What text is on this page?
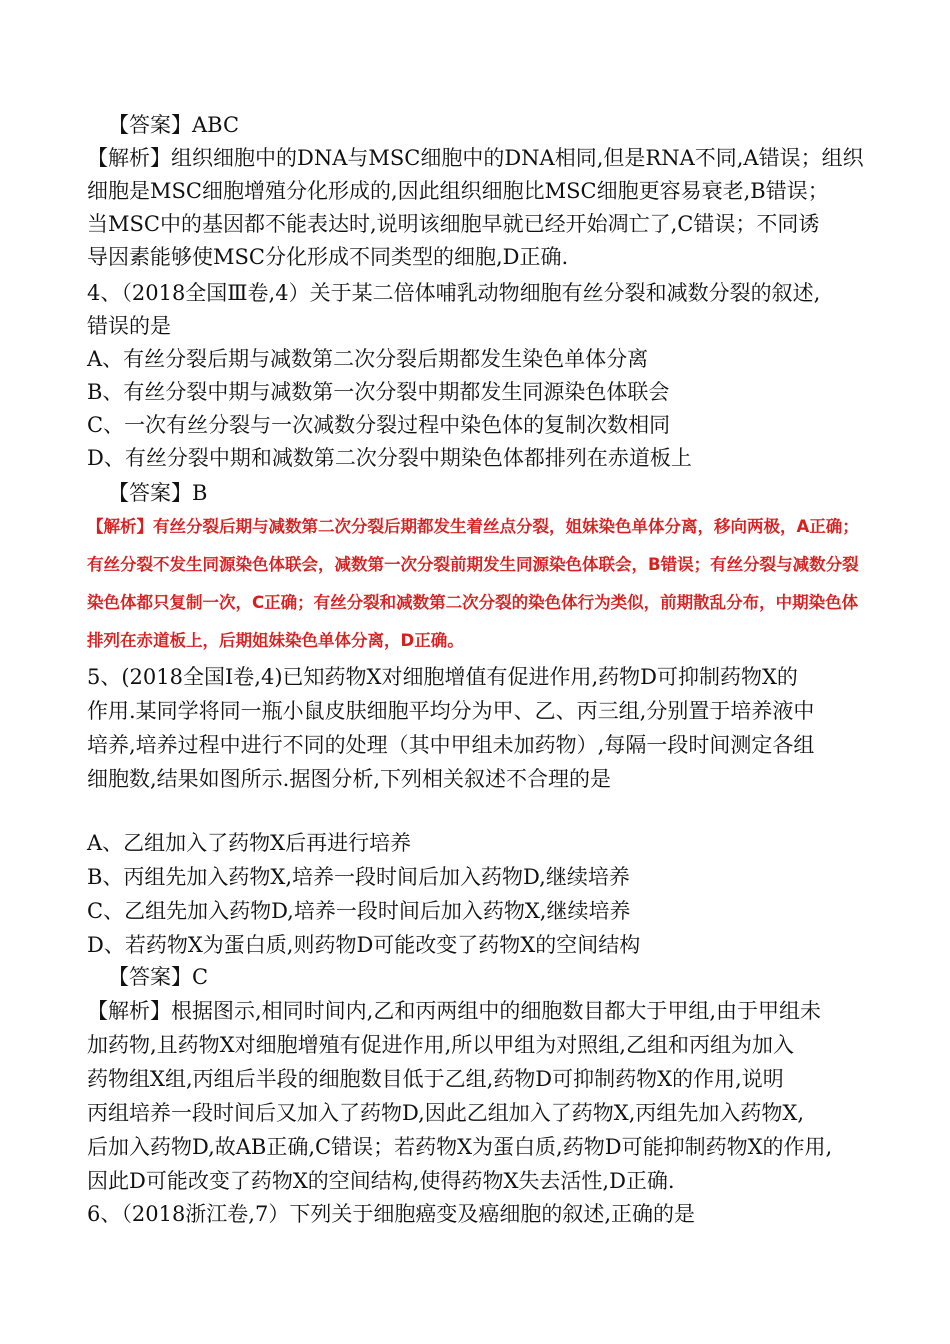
【答案】ABC
【解析】组织细胞中的DNA与MSC细胞中的DNA相同,但是RNA不同,A错误；组织
细胞是MSC细胞增殖分化形成的,因此组织细胞比MSC细胞更容易衰老,B错误；
当MSC中的基因都不能表达时,说明该细胞早就已经开始凋亡了,C错误；不同诱
导因素能够使MSC分化形成不同类型的细胞,D正确.
4、（2018全国Ⅲ卷,4）关于某二倍体哺乳动物细胞有丝分裂和减数分裂的叙述,
错误的是
A、有丝分裂后期与减数第二次分裂后期都发生染色单体分离
B、有丝分裂中期与减数第一次分裂中期都发生同源染色体联会
C、一次有丝分裂与一次减数分裂过程中染色体的复制次数相同
D、有丝分裂中期和减数第二次分裂中期染色体都排列在赤道板上
【答案】B
【解析】有丝分裂后期与减数第二次分裂后期都发生着丝点分裂，姐妹染色单体分离，移向两极，A正确；
有丝分裂不发生同源染色体联会，减数第一次分裂前期发生同源染色体联会，B错误；有丝分裂与减数分裂
染色体都只复制一次，C正确；有丝分裂和减数第二次分裂的染色体行为类似，前期散乱分布，中期染色体
排列在赤道板上，后期姐妹染色单体分离，D正确。
5、(2018全国Ⅰ卷,4)已知药物X对细胞增值有促进作用,药物D可抑制药物X的
作用.某同学将同一瓶小鼠皮肤细胞平均分为甲、乙、丙三组,分别置于培养液中
培养,培养过程中进行不同的处理（其中甲组未加药物）,每隔一段时间测定各组
细胞数,结果如图所示.据图分析,下列相关叙述不合理的是
A、乙组加入了药物X后再进行培养
B、丙组先加入药物X,培养一段时间后加入药物D,继续培养
C、乙组先加入药物D,培养一段时间后加入药物X,继续培养
D、若药物X为蛋白质,则药物D可能改变了药物X的空间结构
【答案】C
【解析】根据图示,相同时间内,乙和丙两组中的细胞数目都大于甲组,由于甲组未
加药物,且药物X对细胞增殖有促进作用,所以甲组为对照组,乙组和丙组为加入
药物组X组,丙组后半段的细胞数目低于乙组,药物D可抑制药物X的作用,说明
丙组培养一段时间后又加入了药物D,因此乙组加入了药物X,丙组先加入药物X,
后加入药物D,故AB正确,C错误；若药物X为蛋白质,药物D可能抑制药物X的作用,
因此D可能改变了药物X的空间结构,使得药物X失去活性,D正确.
6、（2018浙江卷,7）下列关于细胞癌变及癌细胞的叙述,正确的是
